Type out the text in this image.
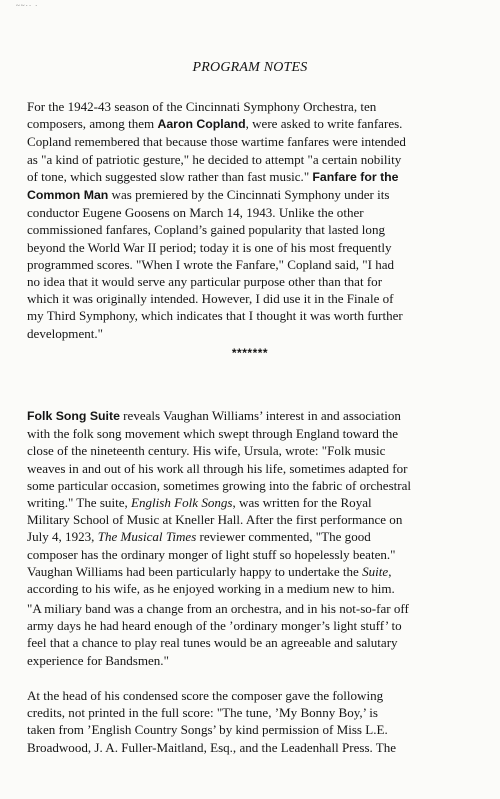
~~·· ·
PROGRAM NOTES

For the 1942-43 season of the Cincinnati Symphony Orchestra, ten
composers, among them Aaron Copland, were asked to write fanfares.
Copland remembered that because those wartime fanfares were intended
as "a kind of patriotic gesture," he decided to attempt "a certain nobility
of tone, which suggested slow rather than fast music." Fanfare for the
Common Man was premiered by the Cincinnati Symphony under its
conductor Eugene Goosens on March 14, 1943. Unlike the other
commissioned fanfares, Copland’s gained popularity that lasted long
beyond the World War II period; today it is one of his most frequently
programmed scores. "When I wrote the Fanfare," Copland said, "I had
no idea that it would serve any particular purpose other than that for
which it was originally intended. However, I did use it in the Finale of
my Third Symphony, which indicates that I thought it was worth further
development."

*******

Folk Song Suite reveals Vaughan Williams’ interest in and association
with the folk song movement which swept through England toward the
close of the nineteenth century. His wife, Ursula, wrote: "Folk music
weaves in and out of his work all through his life, sometimes adapted for
some particular occasion, sometimes growing into the fabric of orchestral
writing." The suite, English Folk Songs, was written for the Royal
Military School of Music at Kneller Hall. After the first performance on
July 4, 1923, The Musical Times reviewer commented, "The good
composer has the ordinary monger of light stuff so hopelessly beaten."
Vaughan Williams had been particularly happy to undertake the Suite,
according to his wife, as he enjoyed working in a medium new to him.

"A miliary band was a change from an orchestra, and in his not-so-far off
army days he had heard enough of the ’ordinary monger’s light stuff’ to
feel that a chance to play real tunes would be an agreeable and salutary
experience for Bandsmen."

At the head of his condensed score the composer gave the following
credits, not printed in the full score: "The tune, ’My Bonny Boy,’ is
taken from ’English Country Songs’ by kind permission of Miss L.E.
Broadwood, J. A. Fuller-Maitland, Esq., and the Leadenhall Press. The
